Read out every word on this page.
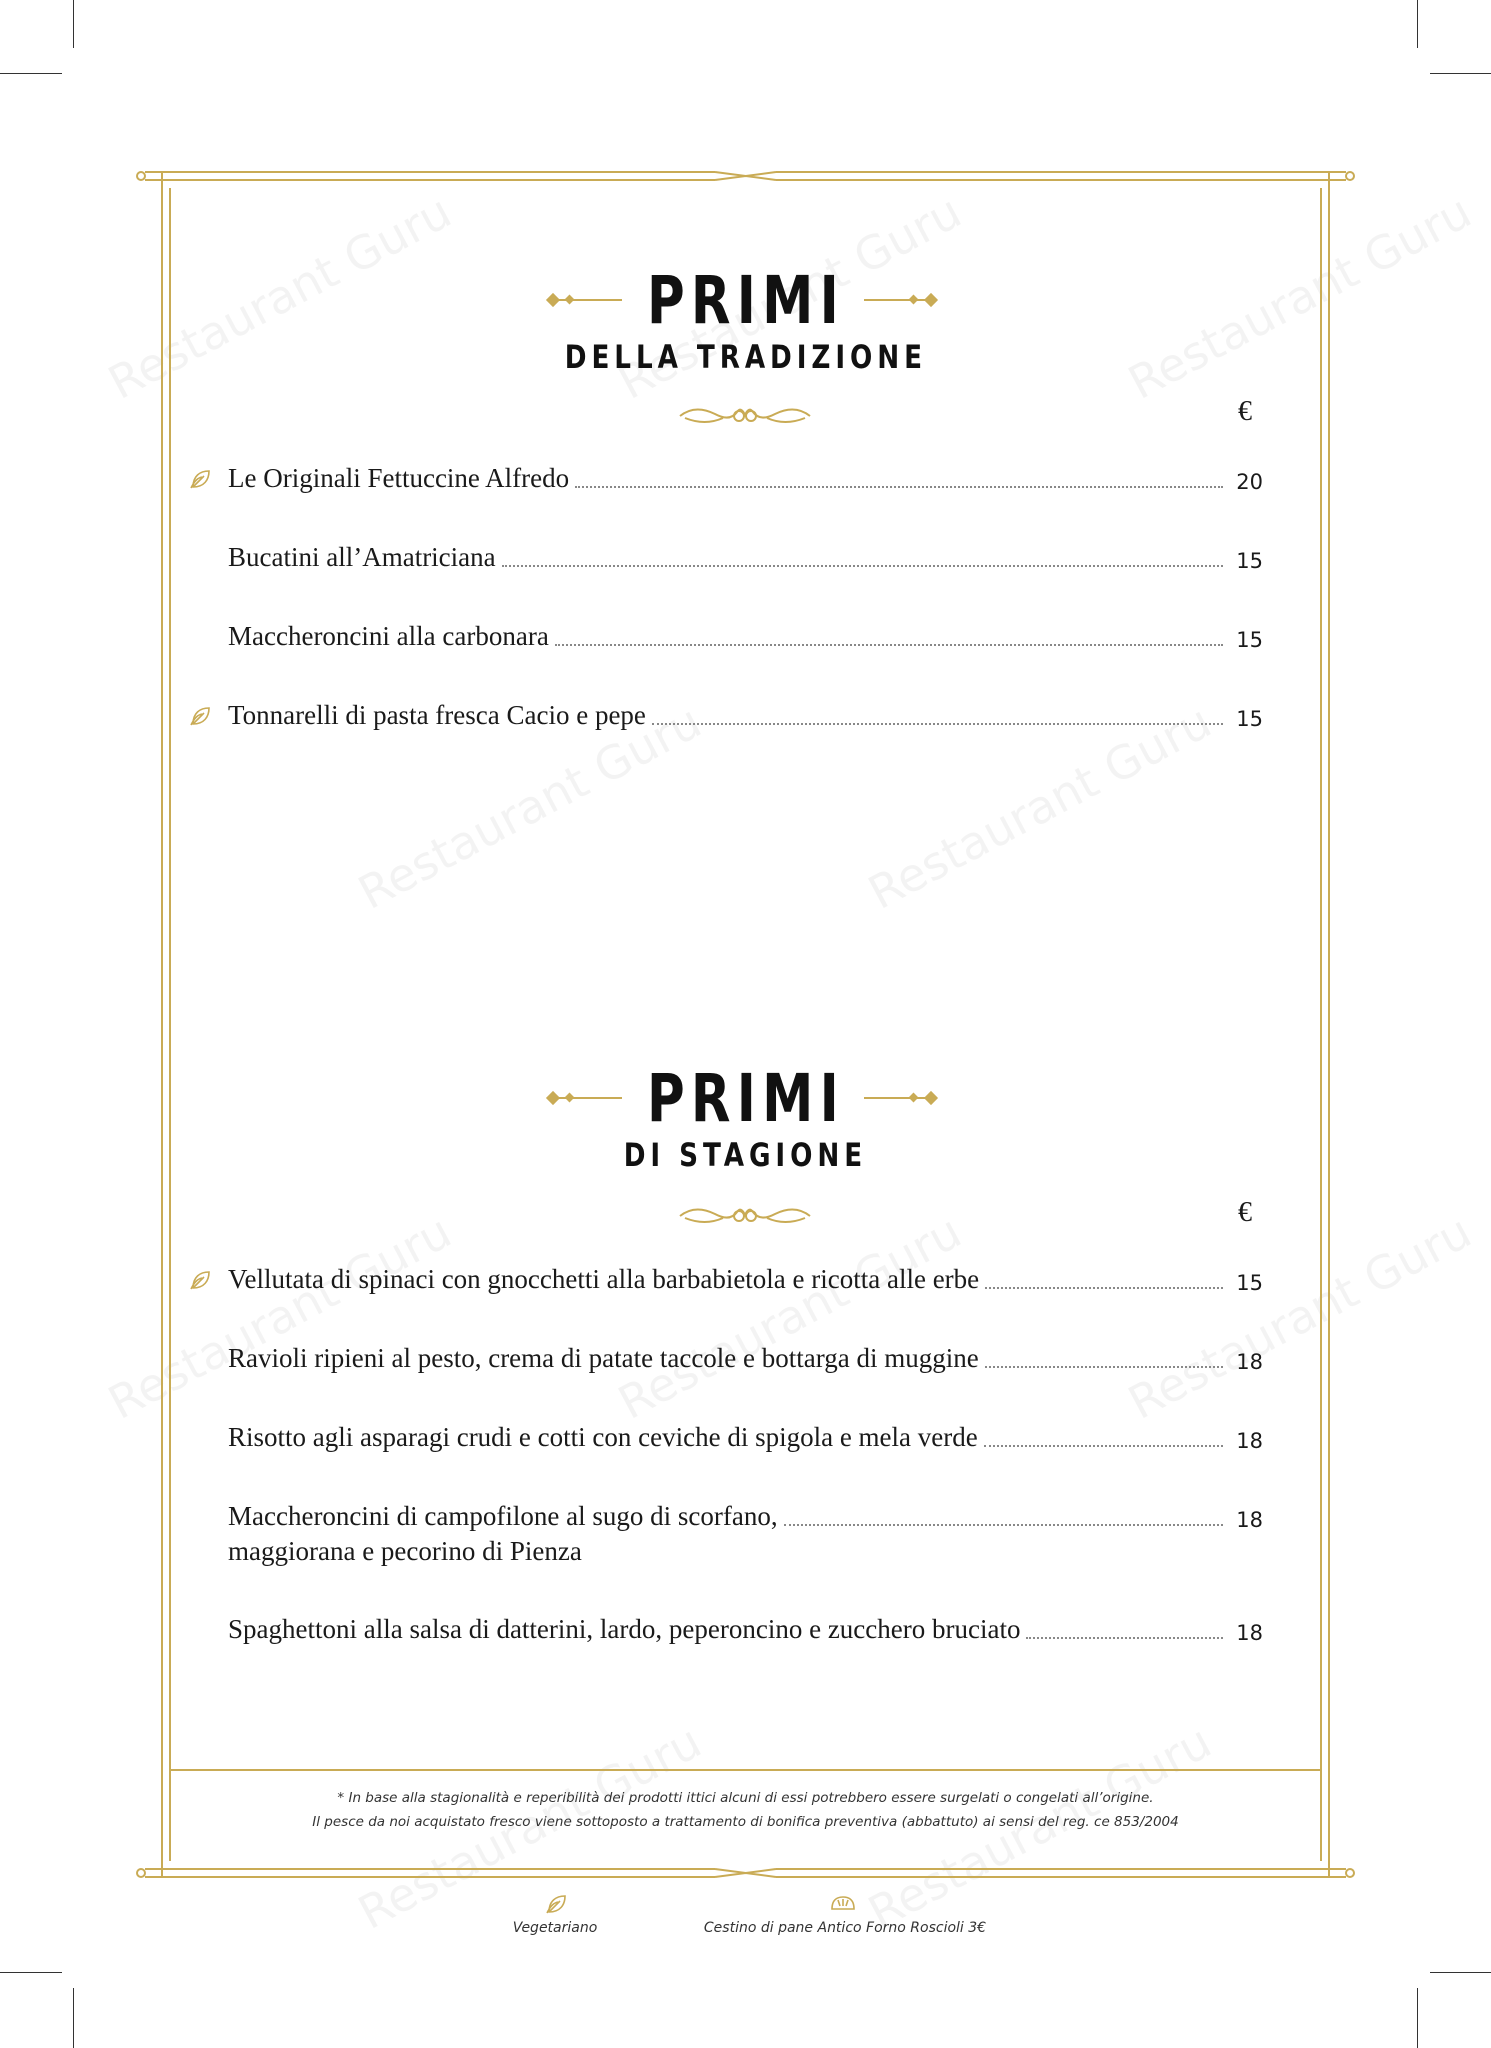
PRIMI
DELLA TRADIZIONE
€
Le Originali Fettuccine Alfredo	20
Bucatini all’Amatriciana	15
Maccheroncini alla carbonara	15
Tonnarelli di pasta fresca Cacio e pepe	15
PRIMI
DI STAGIONE
€
Vellutata di spinaci con gnocchetti alla barbabietola e ricotta alle erbe	15
Ravioli ripieni al pesto, crema di patate taccole e bottarga di muggine	18
Risotto agli asparagi crudi e cotti con ceviche di spigola e mela verde	18
Maccheroncini di campofilone al sugo di scorfano,	18
maggiorana e pecorino di Pienza
Spaghettoni alla salsa di datterini, lardo, peperoncino e zucchero bruciato	18
* In base alla stagionalità e reperibilità dei prodotti ittici alcuni di essi potrebbero essere surgelati o congelati all’origine.
Il pesce da noi acquistato fresco viene sottoposto a trattamento di bonifica preventiva (abbattuto) ai sensi del reg. ce 853/2004
Vegetariano	Cestino di pane Antico Forno Roscioli 3€
